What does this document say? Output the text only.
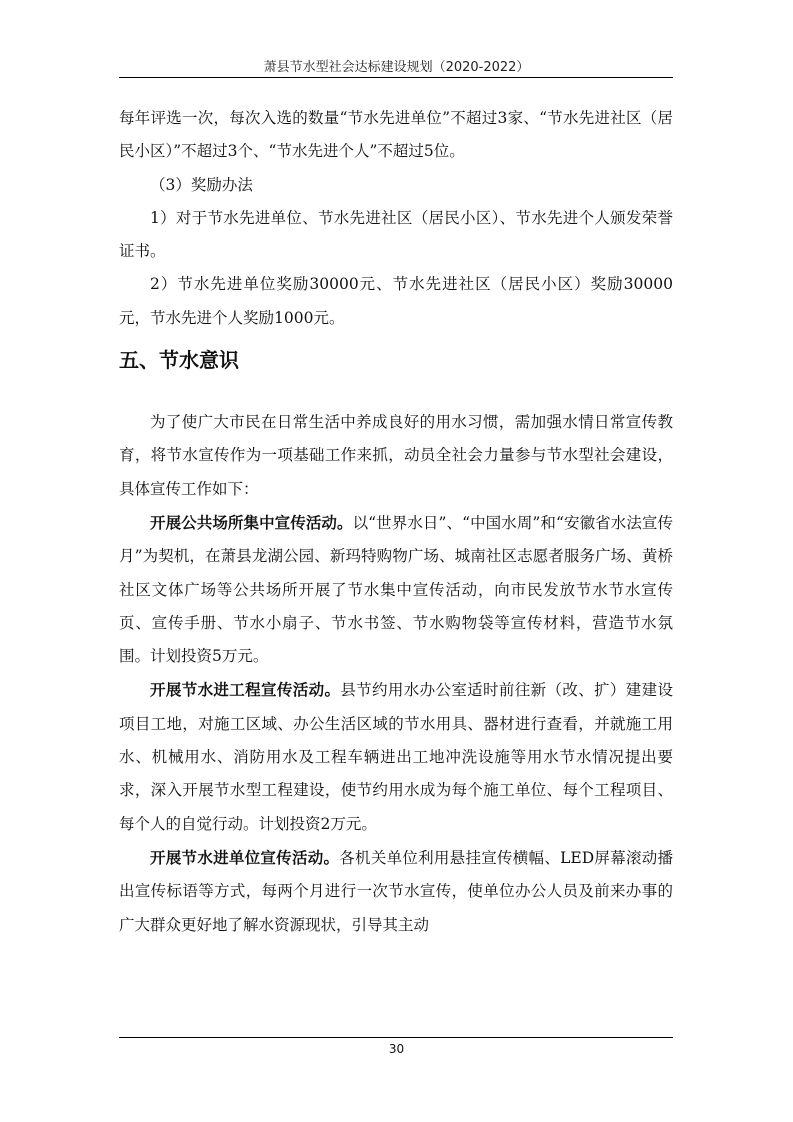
萧县节水型社会达标建设规划（2020-2022）

每年评选一次，每次入选的数量“节水先进单位”不超过3家、“节水先进社区（居民小区）”不超过3个、“节水先进个人”不超过5位。

（3）奖励办法

1）对于节水先进单位、节水先进社区（居民小区）、节水先进个人颁发荣誉证书。

2）节水先进单位奖励30000元、节水先进社区（居民小区）奖励30000元，节水先进个人奖励1000元。

五、节水意识

为了使广大市民在日常生活中养成良好的用水习惯，需加强水情日常宣传教育，将节水宣传作为一项基础工作来抓，动员全社会力量参与节水型社会建设，具体宣传工作如下：

开展公共场所集中宣传活动。以“世界水日”、“中国水周”和“安徽省水法宣传月”为契机，在萧县龙湖公园、新玛特购物广场、城南社区志愿者服务广场、黄桥社区文体广场等公共场所开展了节水集中宣传活动，向市民发放节水节水宣传页、宣传手册、节水小扇子、节水书签、节水购物袋等宣传材料，营造节水氛围。计划投资5万元。

开展节水进工程宣传活动。县节约用水办公室适时前往新（改、扩）建建设项目工地，对施工区域、办公生活区域的节水用具、器材进行查看，并就施工用水、机械用水、消防用水及工程车辆进出工地冲洗设施等用水节水情况提出要求，深入开展节水型工程建设，使节约用水成为每个施工单位、每个工程项目、每个人的自觉行动。计划投资2万元。

开展节水进单位宣传活动。各机关单位利用悬挂宣传横幅、LED屏幕滚动播出宣传标语等方式，每两个月进行一次节水宣传，使单位办公人员及前来办事的广大群众更好地了解水资源现状，引导其主动

30
